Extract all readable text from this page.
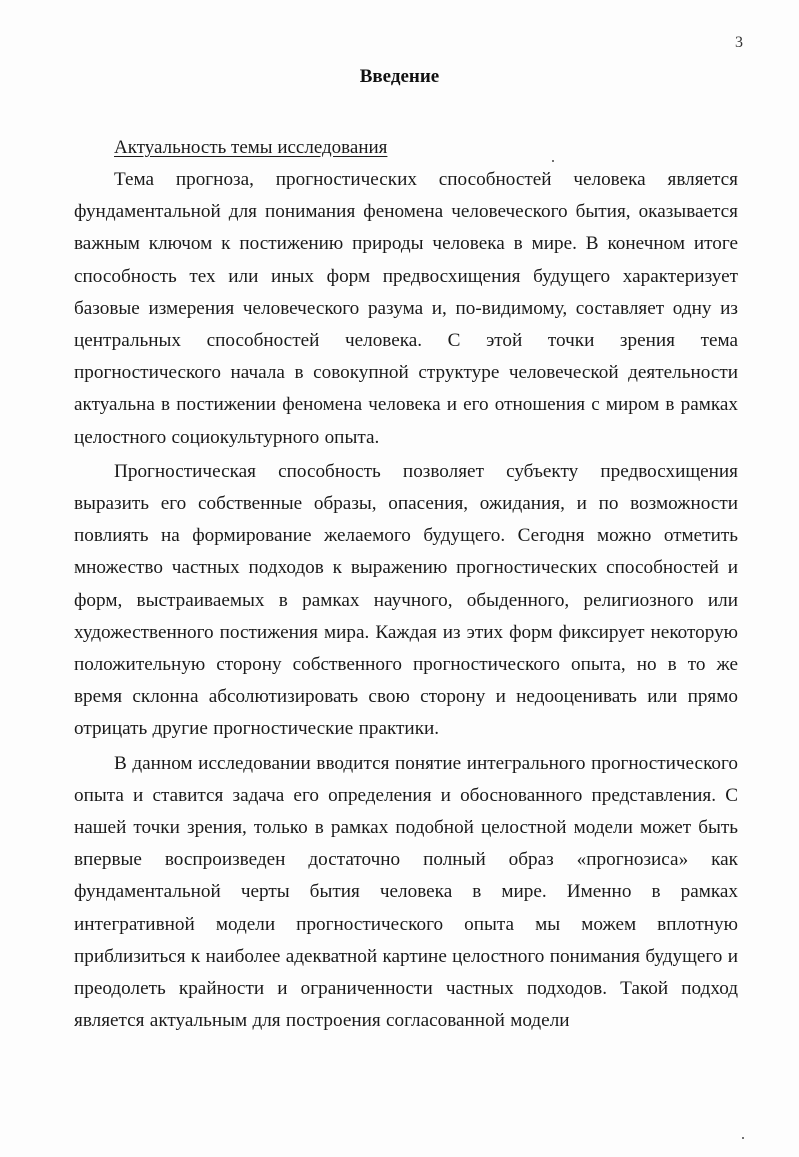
3
Введение
Актуальность темы исследования

Тема прогноза, прогностических способностей человека является фундаментальной для понимания феномена человеческого бытия, оказывается важным ключом к постижению природы человека в мире. В конечном итоге способность тех или иных форм предвосхищения будущего характеризует базовые измерения человеческого разума и, по-видимому, составляет одну из центральных способностей человека. С этой точки зрения тема прогностического начала в совокупной структуре человеческой деятельности актуальна в постижении феномена человека и его отношения с миром в рамках целостного социокультурного опыта.

Прогностическая способность позволяет субъекту предвосхищения выразить его собственные образы, опасения, ожидания, и по возможности повлиять на формирование желаемого будущего. Сегодня можно отметить множество частных подходов к выражению прогностических способностей и форм, выстраиваемых в рамках научного, обыденного, религиозного или художественного постижения мира. Каждая из этих форм фиксирует некоторую положительную сторону собственного прогностического опыта, но в то же время склонна абсолютизировать свою сторону и недооценивать или прямо отрицать другие прогностические практики.

В данном исследовании вводится понятие интегрального прогностического опыта и ставится задача его определения и обоснованного представления. С нашей точки зрения, только в рамках подобной целостной модели может быть впервые воспроизведен достаточно полный образ «прогнозиса» как фундаментальной черты бытия человека в мире. Именно в рамках интегративной модели прогностического опыта мы можем вплотную приблизиться к наиболее адекватной картине целостного понимания будущего и преодолеть крайности и ограниченности частных подходов. Такой подход является актуальным для построения согласованной модели
